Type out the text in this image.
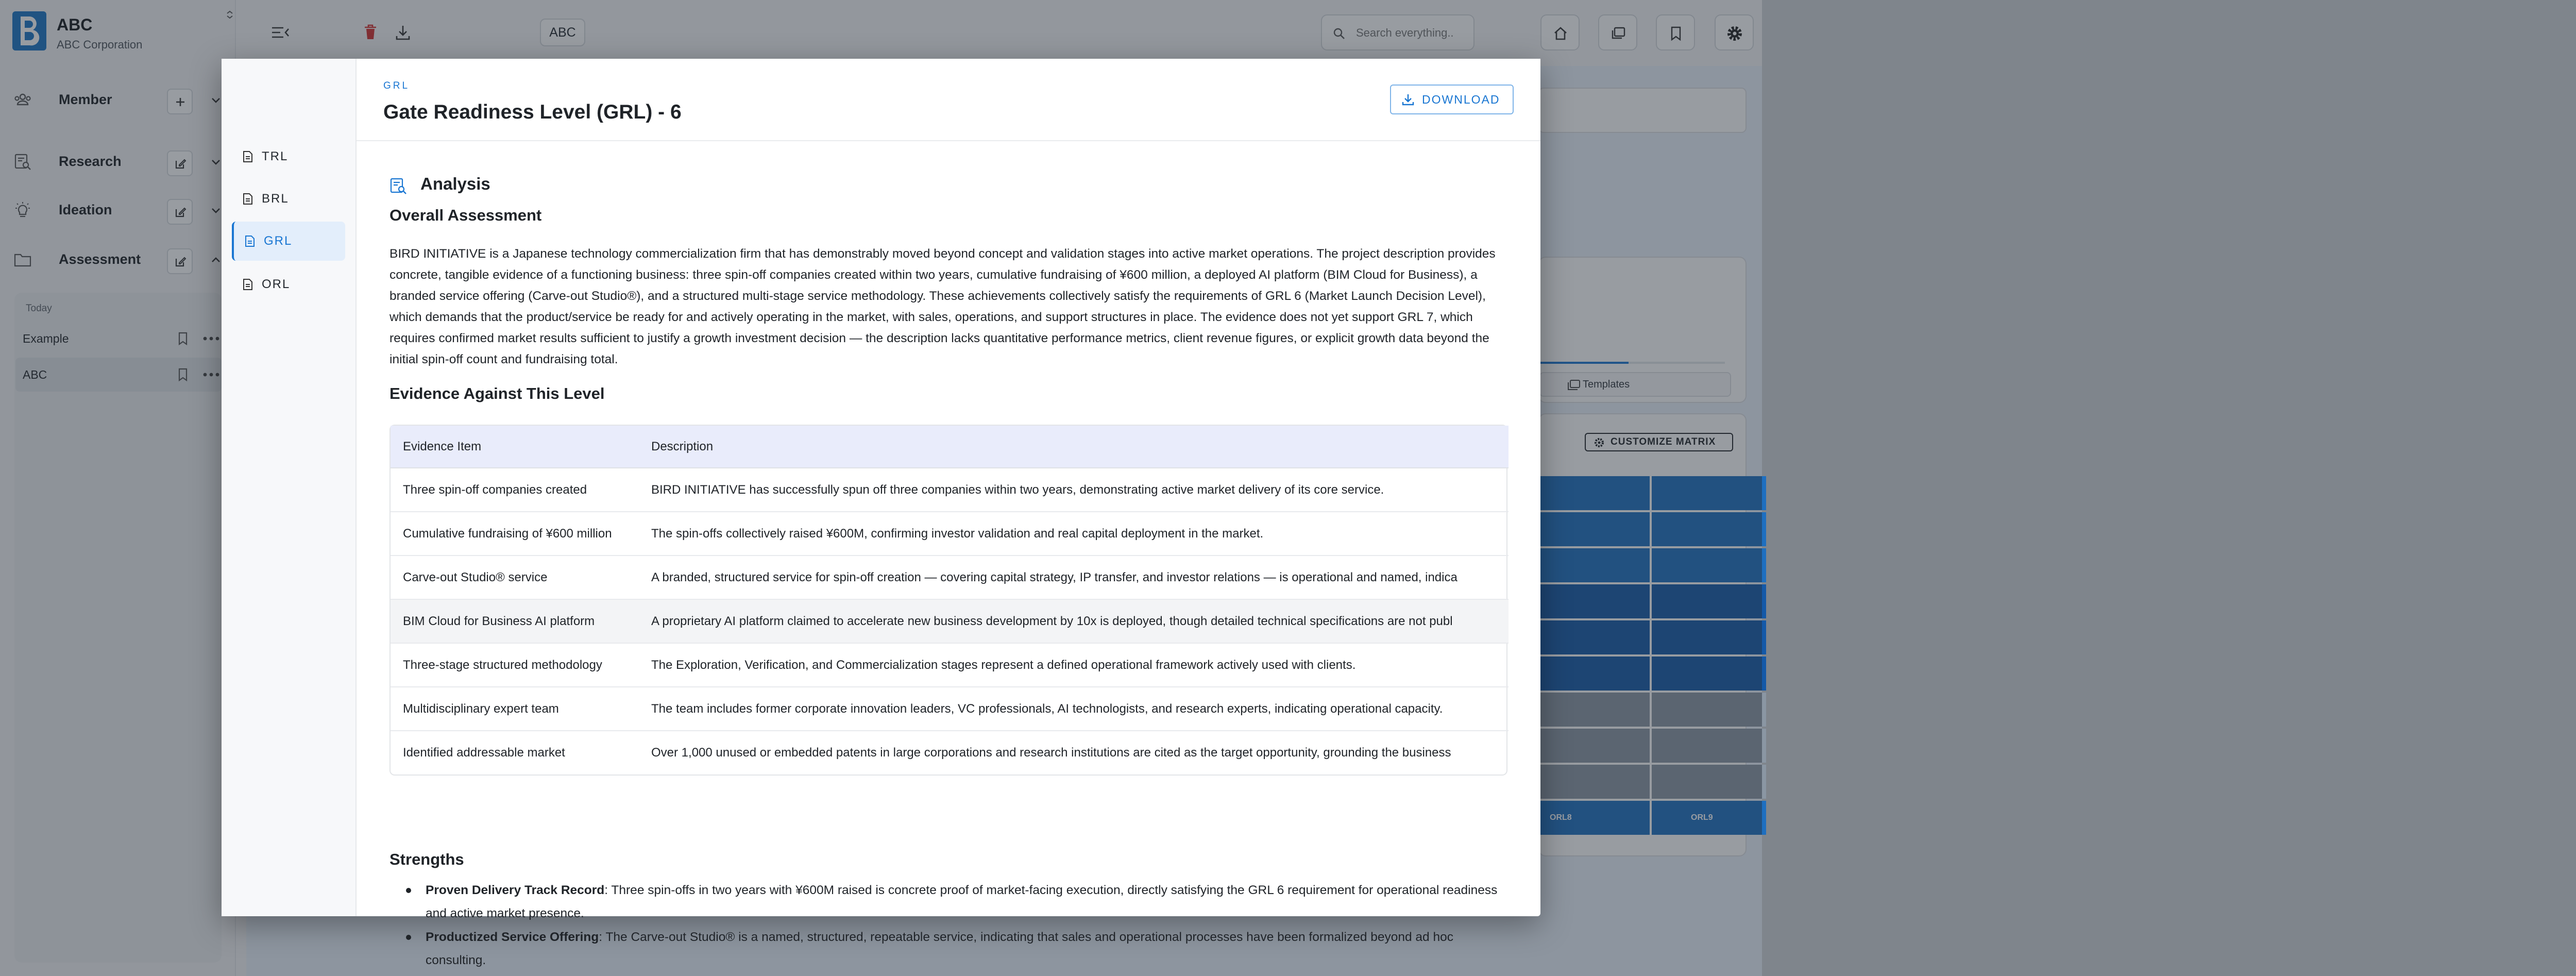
ABC
ABC Corporation
Member
Research
Ideation
Assessment
Today
Example
ABC
ABC
Search everything...
Templates
CUSTOMIZE MATRIX
ORL8	ORL9
TRL
BRL
GRL
ORL
GRL
Gate Readiness Level (GRL) - 6
DOWNLOAD
Analysis
Overall Assessment
BIRD INITIATIVE is a Japanese technology commercialization firm that has demonstrably moved beyond concept and validation stages into active market operations. The project description provides concrete, tangible evidence of a functioning business: three spin-off companies created within two years, cumulative fundraising of ¥600 million, a deployed AI platform (BIM Cloud for Business), a branded service offering (Carve-out Studio®), and a structured multi-stage service methodology. These achievements collectively satisfy the requirements of GRL 6 (Market Launch Decision Level), which demands that the product/service be ready for and actively operating in the market, with sales, operations, and support structures in place. The evidence does not yet support GRL 7, which requires confirmed market results sufficient to justify a growth investment decision — the description lacks quantitative performance metrics, client revenue figures, or explicit growth data beyond the initial spin-off count and fundraising total.
Evidence Against This Level
Evidence Item	Description
Three spin-off companies created	BIRD INITIATIVE has successfully spun off three companies within two years, demonstrating active market delivery of its core service.
Cumulative fundraising of ¥600 million	The spin-offs collectively raised ¥600M, confirming investor validation and real capital deployment in the market.
Carve-out Studio® service	A branded, structured service for spin-off creation — covering capital strategy, IP transfer, and investor relations — is operational and named, indica
BIM Cloud for Business AI platform	A proprietary AI platform claimed to accelerate new business development by 10x is deployed, though detailed technical specifications are not publ
Three-stage structured methodology	The Exploration, Verification, and Commercialization stages represent a defined operational framework actively used with clients.
Multidisciplinary expert team	The team includes former corporate innovation leaders, VC professionals, AI technologists, and research experts, indicating operational capacity.
Identified addressable market	Over 1,000 unused or embedded patents in large corporations and research institutions are cited as the target opportunity, grounding the business
Strengths
Proven Delivery Track Record: Three spin-offs in two years with ¥600M raised is concrete proof of market-facing execution, directly satisfying the GRL 6 requirement for operational readiness and active market presence.
Productized Service Offering: The Carve-out Studio® is a named, structured, repeatable service, indicating that sales and operational processes have been formalized beyond ad hoc consulting.
